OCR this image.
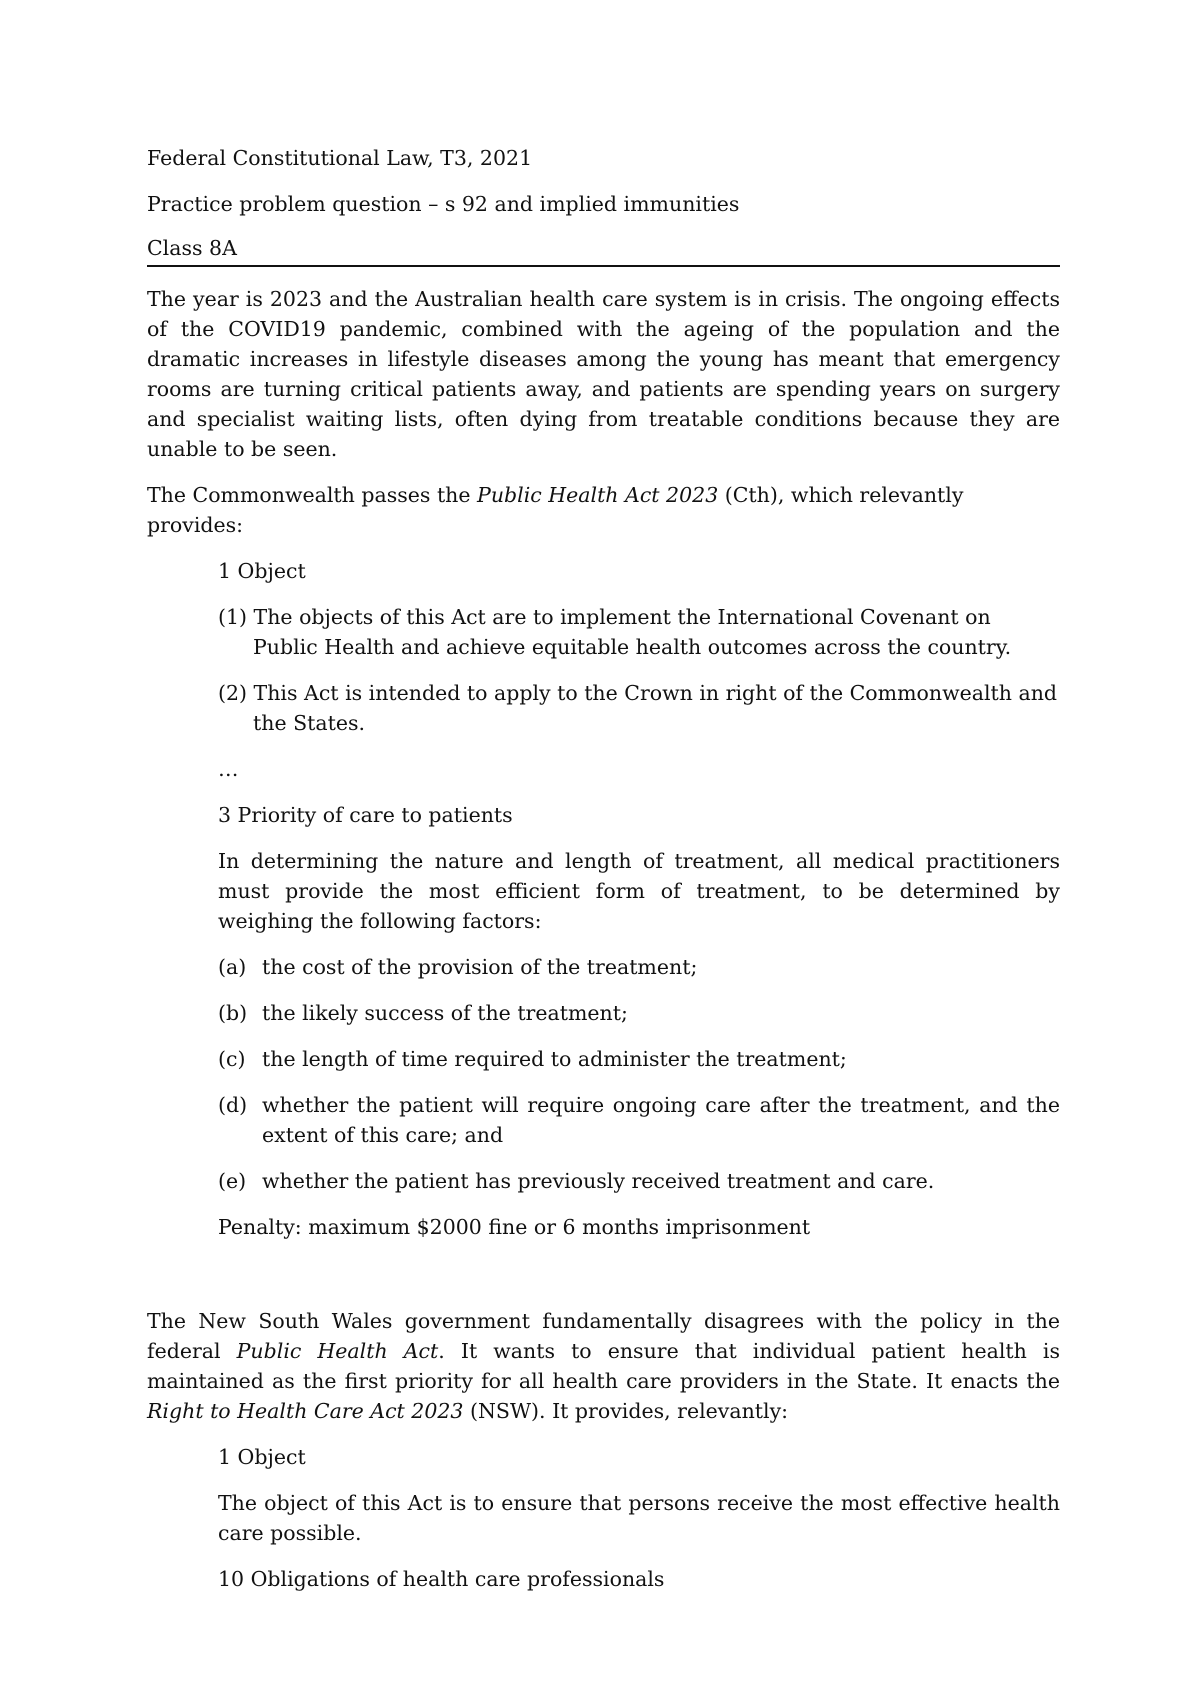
Federal Constitutional Law, T3, 2021

Practice problem question – s 92 and implied immunities

Class 8A

The year is 2023 and the Australian health care system is in crisis. The ongoing effects of the COVID19 pandemic, combined with the ageing of the population and the dramatic increases in lifestyle diseases among the young has meant that emergency rooms are turning critical patients away, and patients are spending years on surgery and specialist waiting lists, often dying from treatable conditions because they are unable to be seen.

The Commonwealth passes the Public Health Act 2023 (Cth), which relevantly provides:

1 Object

(1) The objects of this Act are to implement the International Covenant on Public Health and achieve equitable health outcomes across the country.

(2) This Act is intended to apply to the Crown in right of the Commonwealth and the States.

…

3 Priority of care to patients

In determining the nature and length of treatment, all medical practitioners must provide the most efficient form of treatment, to be determined by weighing the following factors:

(a) the cost of the provision of the treatment;

(b) the likely success of the treatment;

(c) the length of time required to administer the treatment;

(d) whether the patient will require ongoing care after the treatment, and the extent of this care; and

(e) whether the patient has previously received treatment and care.

Penalty: maximum $2000 fine or 6 months imprisonment

The New South Wales government fundamentally disagrees with the policy in the federal Public Health Act. It wants to ensure that individual patient health is maintained as the first priority for all health care providers in the State. It enacts the Right to Health Care Act 2023 (NSW). It provides, relevantly:

1 Object

The object of this Act is to ensure that persons receive the most effective health care possible.

10 Obligations of health care professionals
